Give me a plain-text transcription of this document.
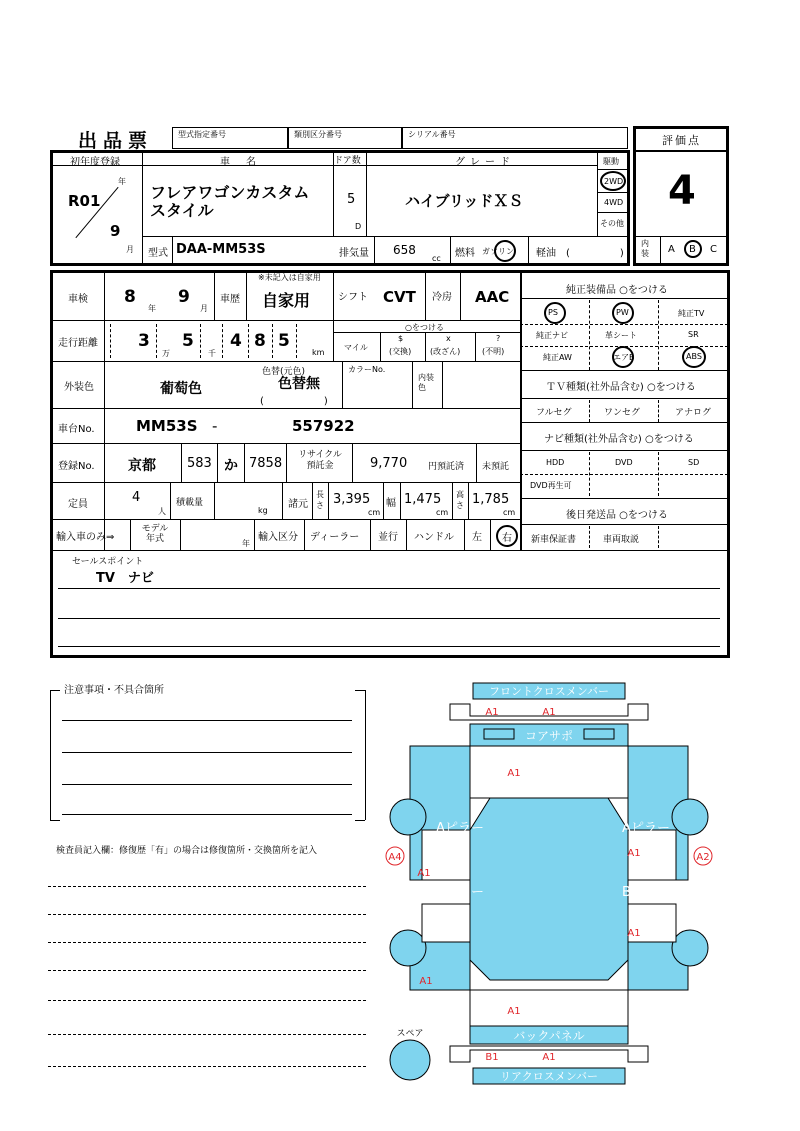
出品票	型式指定番号	類別区分番号	シリアル番号	評価点
4
内装 A B C
初年度登録
R01
年
9
月
車　名
フレアワゴンカスタム
スタイル
ドア数
5
D
グレード
ハイブリッドＸＳ
駆動
2WD
4WD
その他
型式 DAA-MM53S	排気量 658
cc 燃料 ガソリン 軽油 (　　　　　)
車検 8
年
9
月
車歴
※未記入は自家用
自家用	シフト CVT 冷房 AAC
走行距離 3
万
5
千
4 8 5
km
○をつける
マイル
$
(交換)
x
(改ざん)
?
(不明)
外装色	葡萄色
色替(元色)
色替無
(　　　　　　)
カラーNo.
内装色
車台No.	MM53S -	557922
登録No. 京都 583 か 7858
リサイクル預託金	9,770 円預託済 未預託
定員	4
人
積載量
kg
諸元
長さ 3,395
cm
幅 1,475
cm
高さ 1,785
cm
輸入車のみ⇒
モデル年式	年
輸入区分 ディーラー 並行 ハンドル 左 右
純正装備品 ○をつける
PS	PW	純正TV
純正ナビ	革シート	SR
純正AW	エアB	ABS
ＴＶ種類(社外品含む) ○をつける
フルセグ	ワンセグ	アナログ
ナビ種類(社外品含む) ○をつける
HDD	DVD	SD
DVD再生可
後日発送品 ○をつける
新車保証書	車両取説
セールスポイント
TV　ナビ
注意事項・不具合箇所
検査員記入欄：修復歴「有」の場合は修復箇所・交換箇所を記入
フロントクロスメンバー
コアサポ
Aピラー	Aピラー
Bピラー	Bピラー
バックパネル
リアクロスメンバー
スペア
A1	A1
A1
A4
A1
A1	A2
A1
A1
A1
B1	A1
